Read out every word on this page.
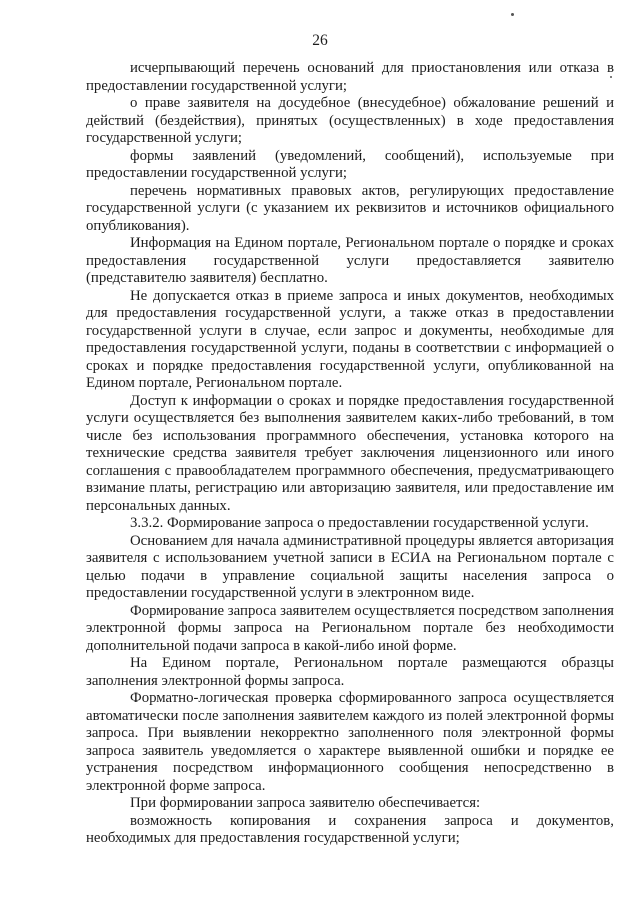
26

исчерпывающий перечень оснований для приостановления или отказа в предоставлении государственной услуги;

о праве заявителя на досудебное (внесудебное) обжалование решений и действий (бездействия), принятых (осуществленных) в ходе предоставления государственной услуги;

формы заявлений (уведомлений, сообщений), используемые при предоставлении государственной услуги;

перечень нормативных правовых актов, регулирующих предоставление государственной услуги (с указанием их реквизитов и источников официального опубликования).

Информация на Едином портале, Региональном портале о порядке и сроках предоставления государственной услуги предоставляется заявителю (представителю заявителя) бесплатно.

Не допускается отказ в приеме запроса и иных документов, необходимых для предоставления государственной услуги, а также отказ в предоставлении государственной услуги в случае, если запрос и документы, необходимые для предоставления государственной услуги, поданы в соответствии с информацией о сроках и порядке предоставления государственной услуги, опубликованной на Едином портале, Региональном портале.

Доступ к информации о сроках и порядке предоставления государственной услуги осуществляется без выполнения заявителем каких-либо требований, в том числе без использования программного обеспечения, установка которого на технические средства заявителя требует заключения лицензионного или иного соглашения с правообладателем программного обеспечения, предусматривающего взимание платы, регистрацию или авторизацию заявителя, или предоставление им персональных данных.

3.3.2. Формирование запроса о предоставлении государственной услуги.

Основанием для начала административной процедуры является авторизация заявителя с использованием учетной записи в ЕСИА на Региональном портале с целью подачи в управление социальной защиты населения запроса о предоставлении государственной услуги в электронном виде.

Формирование запроса заявителем осуществляется посредством заполнения электронной формы запроса на Региональном портале без необходимости дополнительной подачи запроса в какой-либо иной форме.

На Едином портале, Региональном портале размещаются образцы заполнения электронной формы запроса.

Форматно-логическая проверка сформированного запроса осуществляется автоматически после заполнения заявителем каждого из полей электронной формы запроса. При выявлении некорректно заполненного поля электронной формы запроса заявитель уведомляется о характере выявленной ошибки и порядке ее устранения посредством информационного сообщения непосредственно в электронной форме запроса.

При формировании запроса заявителю обеспечивается:

возможность копирования и сохранения запроса и документов, необходимых для предоставления государственной услуги;
